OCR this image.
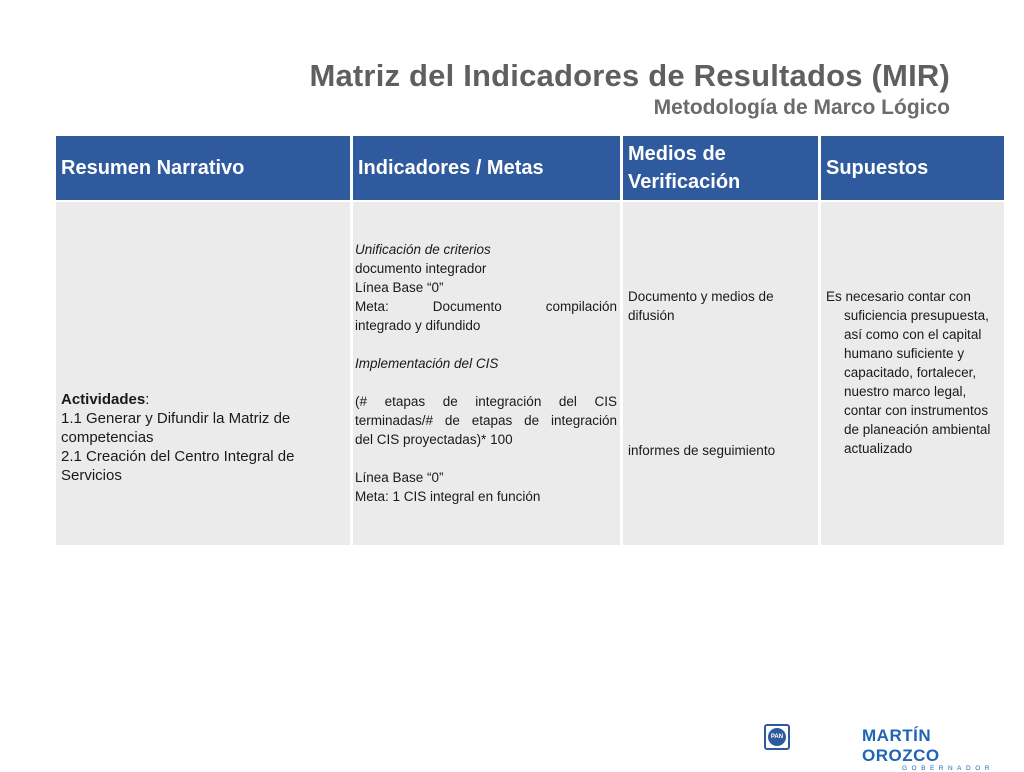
Matriz del Indicadores de Resultados (MIR)
Metodología de Marco Lógico
Resumen Narrativo	Indicadores / Metas
Medios de Verificación
Supuestos
Actividades:
1.1 Generar y Difundir la Matriz de competencias
2.1 Creación del Centro Integral de Servicios

Unificación de criterios

documento integrador

Línea Base “0”

Meta: Documento compilación

integrado y difundido

Implementación del CIS

(# etapas de integración del CIS

terminadas/# de etapas de integración

del CIS proyectadas)* 100

Línea Base “0”

Meta: 1 CIS integral en función

Documento y medios de difusión
informes de seguimiento

Es necesario contar con

suficiencia presupuesta, así como con el capital humano suficiente y capacitado, fortalecer, nuestro marco legal, contar con instrumentos de planeación ambiental actualizado

PAN	MARTÍN OROZCO
GOBERNADOR
